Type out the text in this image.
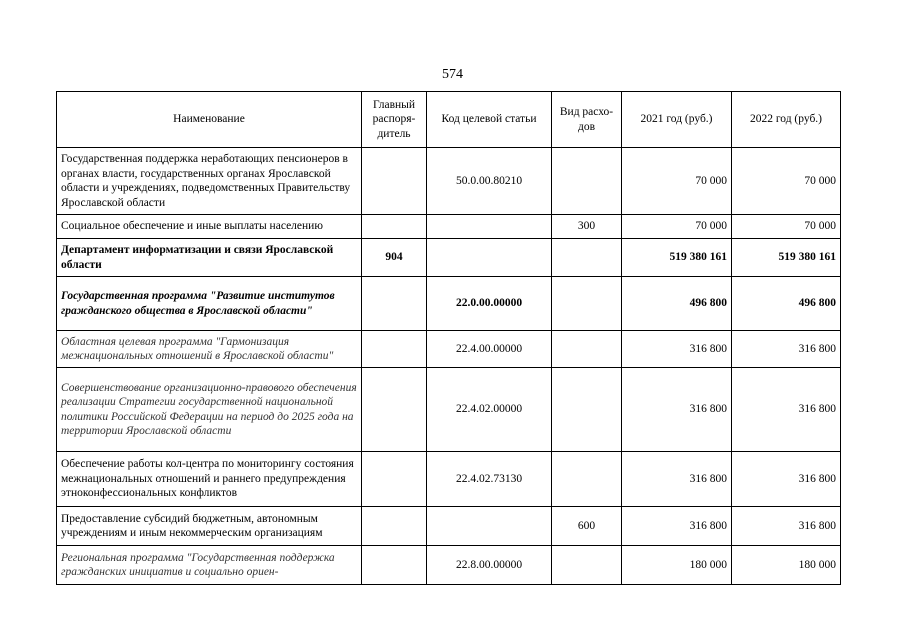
574
Наименование	Главный распоря-дитель	Код целевой статьи	Вид расхо-дов	2021 год (руб.)	2022 год (руб.)
Государственная поддержка неработающих пенсионеров в органах власти, государственных органах Ярославской области и учреждениях, подведомственных Правительству Ярославской области		50.0.00.80210		70 000	70 000
Социальное обеспечение и иные выплаты населению			300	70 000	70 000
Департамент информатизации и связи Ярославской области	904			519 380 161	519 380 161
Государственная программа "Развитие институтов гражданского общества в Ярославской области"		22.0.00.00000		496 800	496 800
Областная целевая программа "Гармонизация межнациональных отношений в Ярославской области"		22.4.00.00000		316 800	316 800
Совершенствование организационно-правового обеспечения реализации Стратегии государственной национальной политики Российской Федерации на период до 2025 года на территории Ярославской области		22.4.02.00000		316 800	316 800
Обеспечение работы кол-центра по мониторингу состояния межнациональных отношений и раннего предупреждения этноконфессиональных конфликтов		22.4.02.73130		316 800	316 800
Предоставление субсидий бюджетным, автономным учреждениям и иным некоммерческим организациям			600	316 800	316 800
Региональная программа "Государственная поддержка гражданских инициатив и социально ориен-		22.8.00.00000		180 000	180 000
